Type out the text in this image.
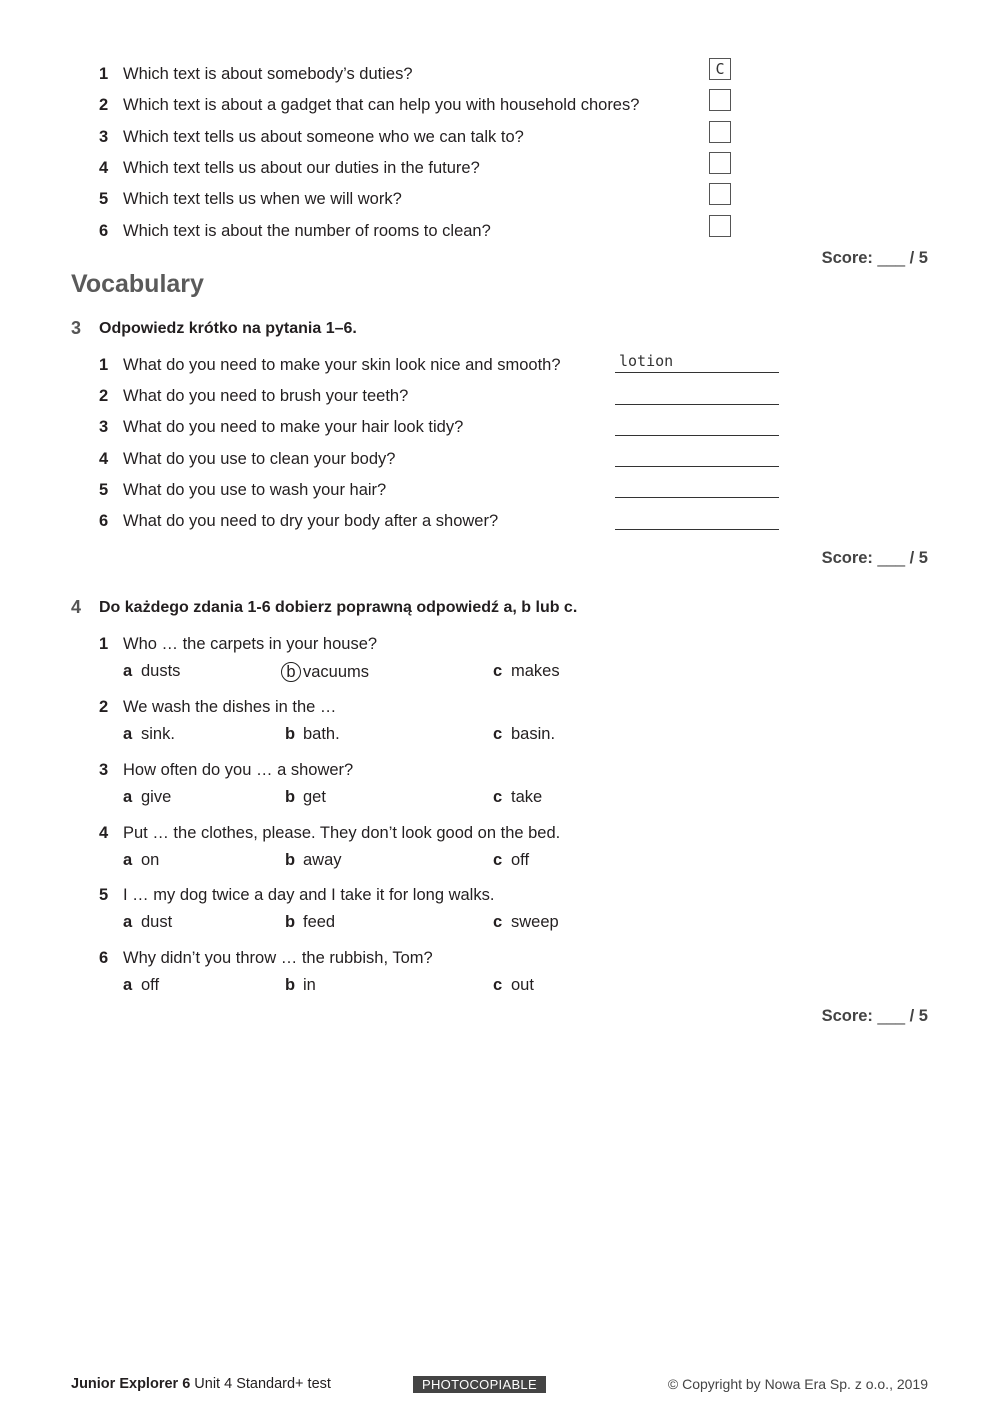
1 Which text is about somebody’s duties?	C
2 Which text is about a gadget that can help you with household chores?
3 Which text tells us about someone who we can talk to?
4 Which text tells us about our duties in the future?
5 Which text tells us when we will work?
6 Which text is about the number of rooms to clean?
Score: ___ / 5
Vocabulary
3 Odpowiedz krótko na pytania 1–6.
1 What do you need to make your skin look nice and smooth?	lotion
2 What do you need to brush your teeth?
3 What do you need to make your hair look tidy?
4 What do you use to clean your body?
5 What do you use to wash your hair?
6 What do you need to dry your body after a shower?
Score: ___ / 5
4 Do każdego zdania 1-6 dobierz poprawną odpowiedź a, b lub c.
1 Who … the carpets in your house?
a dusts	b vacuums	c makes
2 We wash the dishes in the …
a sink.	b bath.	c basin.
3 How often do you … a shower?
a give	b get	c take
4 Put … the clothes, please. They don’t look good on the bed.
a on	b away	c off
5 I … my dog twice a day and I take it for long walks.
a dust	b feed	c sweep
6 Why didn’t you throw … the rubbish, Tom?
a off	b in	c out
Score: ___ / 5
Junior Explorer 6 Unit 4 Standard+ test	PHOTOCOPIABLE	© Copyright by Nowa Era Sp. z o.o., 2019
